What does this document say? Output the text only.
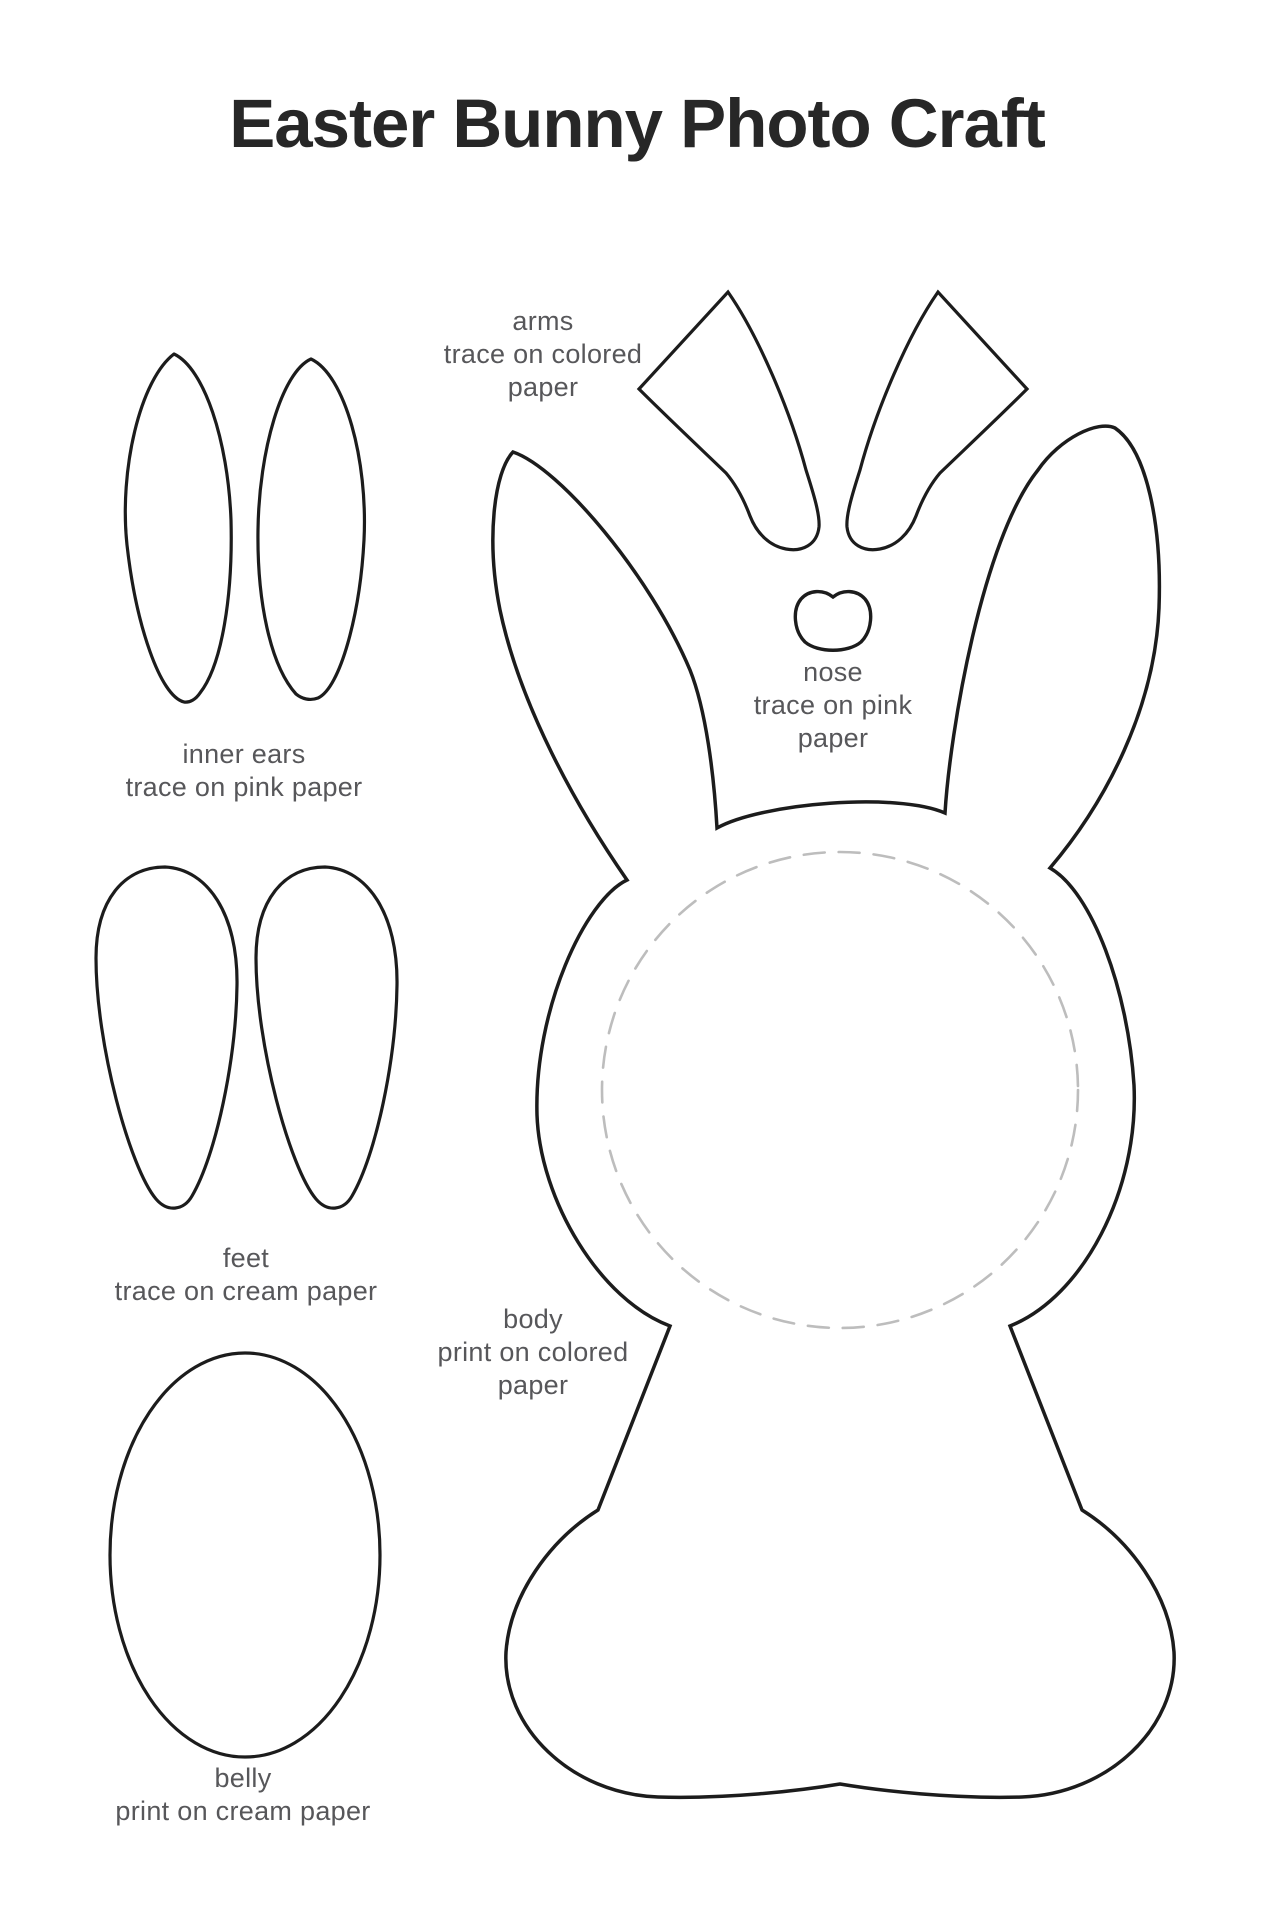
Easter Bunny Photo Craft
arms
trace on colored
paper
inner ears
trace on pink paper
nose
trace on pink
paper
feet
trace on cream paper
body
print on colored
paper
belly
print on cream paper
